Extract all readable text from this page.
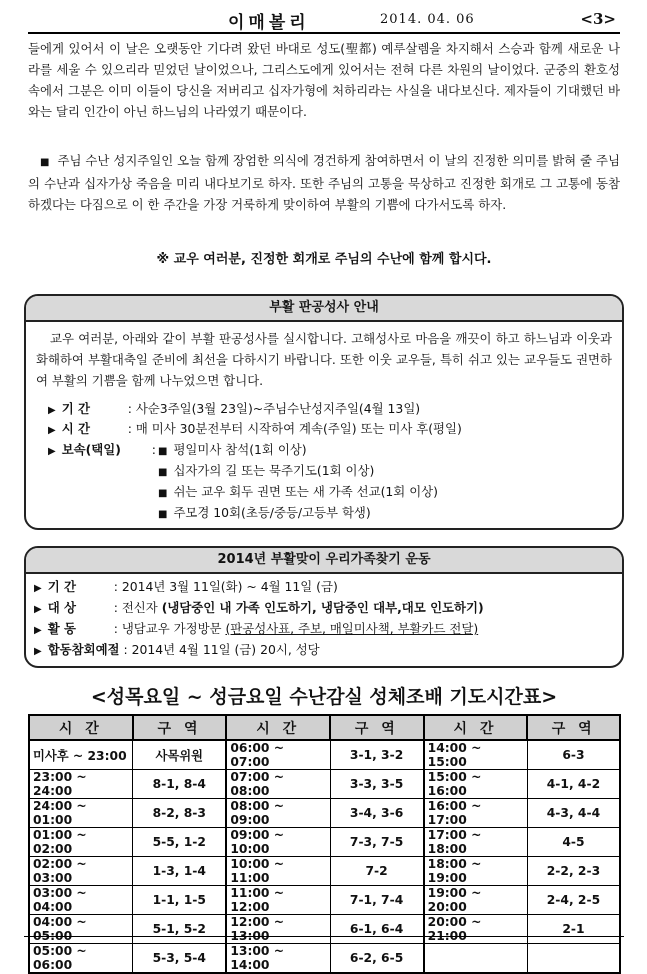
이매볼리	2014. 04. 06	<3>
들에게 있어서 이 날은 오랫동안 기다려 왔던 바대로 성도(聖都) 예루살렘을 차지해서 스승과 함께 새로운 나라를 세울 수 있으리라 믿었던 날이었으나, 그리스도에게 있어서는 전혀 다른 차원의 날이었다. 군중의 환호성 속에서 그분은 이미 이들이 당신을 저버리고 십자가형에 처하리라는 사실을 내다보신다. 제자들이 기대했던 바와는 달리 인간이 아닌 하느님의 나라였기 때문이다.
■ 주님 수난 성지주일인 오늘 함께 장엄한 의식에 경건하게 참여하면서 이 날의 진정한 의미를 밝혀 줄 주님의 수난과 십자가상 죽음을 미리 내다보기로 하자. 또한 주님의 고통을 묵상하고 진정한 회개로 그 고통에 동참하겠다는 다짐으로 이 한 주간을 가장 거룩하게 맞이하여 부활의 기쁨에 다가서도록 하자.
※ 교우 여러분, 진정한 회개로 주님의 수난에 함께 합시다.
부활 판공성사 안내
교우 여러분, 아래와 같이 부활 판공성사를 실시합니다. 고해성사로 마음을 깨끗이 하고 하느님과 이웃과 화해하여 부활대축일 준비에 최선을 다하시기 바랍니다. 또한 이웃 교우들, 특히 쉬고 있는 교우들도 권면하여 부활의 기쁨을 함께 나누었으면 합니다.
▶ 기 간	: 사순3주일(3월 23일)~주님수난성지주일(4월 13일)
▶ 시 간	: 매 미사 30분전부터 시작하여 계속(주일) 또는 미사 후(평일)
▶ 보속(택일) : ■ 평일미사 참석(1회 이상)
■ 십자가의 길 또는 묵주기도(1회 이상)
■ 쉬는 교우 회두 권면 또는 새 가족 선교(1회 이상)
■ 주모경 10회(초등/중등/고등부 학생)
2014년 부활맞이 우리가족찾기 운동
▶ 기 간	: 2014년 3월 11일(화) ~ 4월 11일 (금)
▶ 대 상	: 전신자 (냉담중인 내 가족 인도하기, 냉담중인 대부,대모 인도하기)
▶ 활 동	: 냉담교우 가정방문 (판공성사표, 주보, 매일미사책, 부활카드 전달)
▶ 합동참회예절 : 2014년 4월 11일 (금) 20시, 성당
<성목요일 ~ 성금요일 수난감실 성체조배 기도시간표>
시 간	구 역	시 간	구 역	시 간	구 역
미사후 ~ 23:00	사목위원	06:00 ~ 07:00	3-1, 3-2	14:00 ~ 15:00	6-3
23:00 ~ 24:00	8-1, 8-4	07:00 ~ 08:00	3-3, 3-5	15:00 ~ 16:00	4-1, 4-2
24:00 ~ 01:00	8-2, 8-3	08:00 ~ 09:00	3-4, 3-6	16:00 ~ 17:00	4-3, 4-4
01:00 ~ 02:00	5-5, 1-2	09:00 ~ 10:00	7-3, 7-5	17:00 ~ 18:00	4-5
02:00 ~ 03:00	1-3, 1-4	10:00 ~ 11:00	7-2	18:00 ~ 19:00	2-2, 2-3
03:00 ~ 04:00	1-1, 1-5	11:00 ~ 12:00	7-1, 7-4	19:00 ~ 20:00	2-4, 2-5
04:00 ~ 05:00	5-1, 5-2	12:00 ~ 13:00	6-1, 6-4	20:00 ~ 21:00	2-1
05:00 ~ 06:00	5-3, 5-4	13:00 ~ 14:00	6-2, 6-5		
